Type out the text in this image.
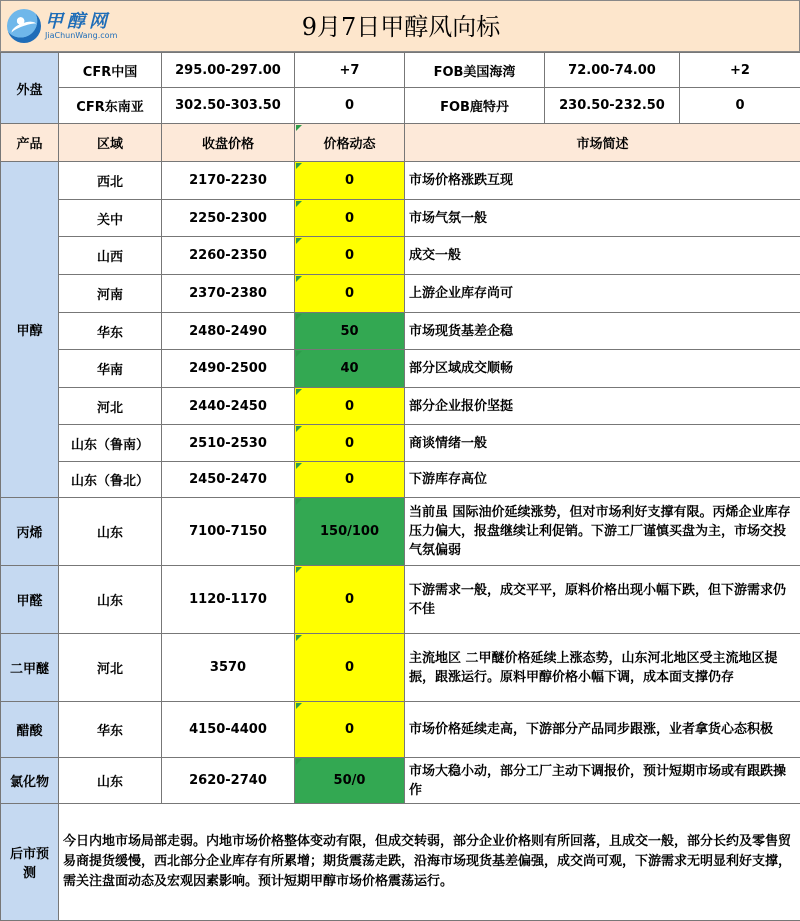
甲醇网
JiaChunWang.com	9月7日甲醇风向标
外盘	CFR中国	295.00-297.00	+7	FOB美国海湾	72.00-74.00	+2
	CFR东南亚	302.50-303.50	0	FOB鹿特丹	230.50-232.50	0
产品	区域	收盘价格	价格动态	市场简述
甲醇	西北	2170-2230	0	市场价格涨跌互现
	关中	2250-2300	0	市场气氛一般
	山西	2260-2350	0	成交一般
	河南	2370-2380	0	上游企业库存尚可
	华东	2480-2490	50	市场现货基差企稳
	华南	2490-2500	40	部分区域成交顺畅
	河北	2440-2450	0	部分企业报价坚挺
	山东（鲁南）	2510-2530	0	商谈情绪一般
	山东（鲁北）	2450-2470	0	下游库存高位
丙烯	山东	7100-7150	150/100	当前虽 国际油价延续涨势，但对市场利好支撑有限。丙烯企业库存压力偏大，报盘继续让利促销。下游工厂谨慎买盘为主，市场交投气氛偏弱
甲醛	山东	1120-1170	0	下游需求一般，成交平平，原料价格出现小幅下跌，但下游需求仍不佳
二甲醚	河北	3570	0	主流地区 二甲醚价格延续上涨态势，山东河北地区受主流地区提振，跟涨运行。原料甲醇价格小幅下调，成本面支撑仍存
醋酸	华东	4150-4400	0	市场价格延续走高，下游部分产品同步跟涨，业者拿货心态积极
氯化物	山东	2620-2740	50/0	市场大稳小动，部分工厂主动下调报价，预计短期市场或有跟跌操作
后市预测	今日内地市场局部走弱。内地市场价格整体变动有限，但成交转弱，部分企业价格则有所回落，且成交一般，部分长约及零售贸易商提货缓慢，西北部分企业库存有所累增；期货震荡走跌，沿海市场现货基差偏强，成交尚可观，下游需求无明显利好支撑，需关注盘面动态及宏观因素影响。预计短期甲醇市场价格震荡运行。			
